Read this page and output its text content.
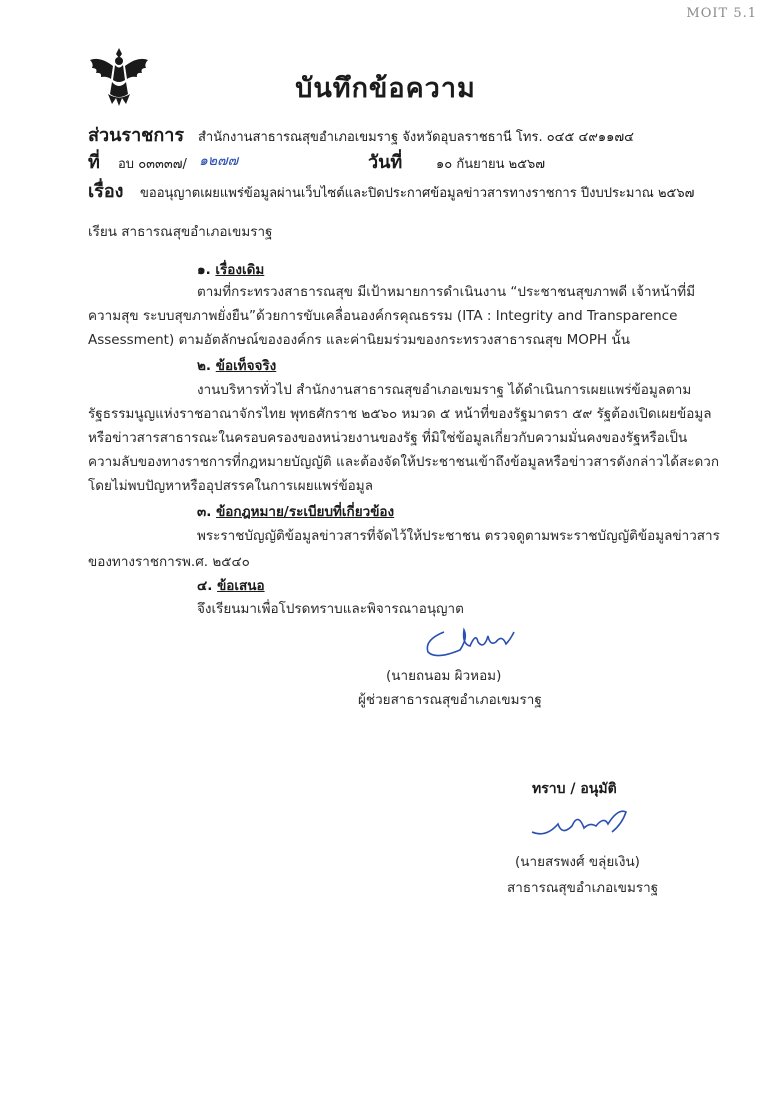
MOIT 5.1
บันทึกข้อความ
ส่วนราชการ สำนักงานสาธารณสุขอำเภอเขมราฐ จังหวัดอุบลราชธานี โทร. ๐๔๕ ๔๙๑๑๗๔
ที่ อบ ๐๓๓๓๗/ ๑๒๗๗	วันที่	๑๐ กันยายน ๒๕๖๗
เรื่อง ขออนุญาตเผยแพร่ข้อมูลผ่านเว็บไซต์และปิดประกาศข้อมูลข่าวสารทางราชการ ปีงบประมาณ ๒๕๖๗
เรียน สาธารณสุขอำเภอเขมราฐ
๑. เรื่องเดิม
ตามที่กระทรวงสาธารณสุข มีเป้าหมายการดำเนินงาน “ประชาชนสุขภาพดี เจ้าหน้าที่มี
ความสุข ระบบสุขภาพยั่งยืน”ด้วยการขับเคลื่อนองค์กรคุณธรรม (ITA : Integrity and Transparence
Assessment) ตามอัตลักษณ์ขององค์กร และค่านิยมร่วมของกระทรวงสาธารณสุข MOPH นั้น
๒. ข้อเท็จจริง
งานบริหารทั่วไป สำนักงานสาธารณสุขอำเภอเขมราฐ ได้ดำเนินการเผยแพร่ข้อมูลตาม
รัฐธรรมนูญแห่งราชอาณาจักรไทย พุทธศักราช ๒๕๖๐ หมวด ๕ หน้าที่ของรัฐมาตรา ๕๙ รัฐต้องเปิดเผยข้อมูล
หรือข่าวสารสาธารณะในครอบครองของหน่วยงานของรัฐ ที่มิใช่ข้อมูลเกี่ยวกับความมั่นคงของรัฐหรือเป็น
ความลับของทางราชการที่กฎหมายบัญญัติ และต้องจัดให้ประชาชนเข้าถึงข้อมูลหรือข่าวสารดังกล่าวได้สะดวก
โดยไม่พบปัญหาหรืออุปสรรคในการเผยแพร่ข้อมูล
๓. ข้อกฎหมาย/ระเบียบที่เกี่ยวข้อง
พระราชบัญญัติข้อมูลข่าวสารที่จัดไว้ให้ประชาชน ตรวจดูตามพระราชบัญญัติข้อมูลข่าวสาร
ของทางราชการพ.ศ. ๒๕๔๐
๔. ข้อเสนอ
จึงเรียนมาเพื่อโปรดทราบและพิจารณาอนุญาต
(นายถนอม ผิวหอม)
ผู้ช่วยสาธารณสุขอำเภอเขมราฐ
ทราบ / อนุมัติ
(นายสรพงศ์ ขลุ่ยเงิน)
สาธารณสุขอำเภอเขมราฐ
